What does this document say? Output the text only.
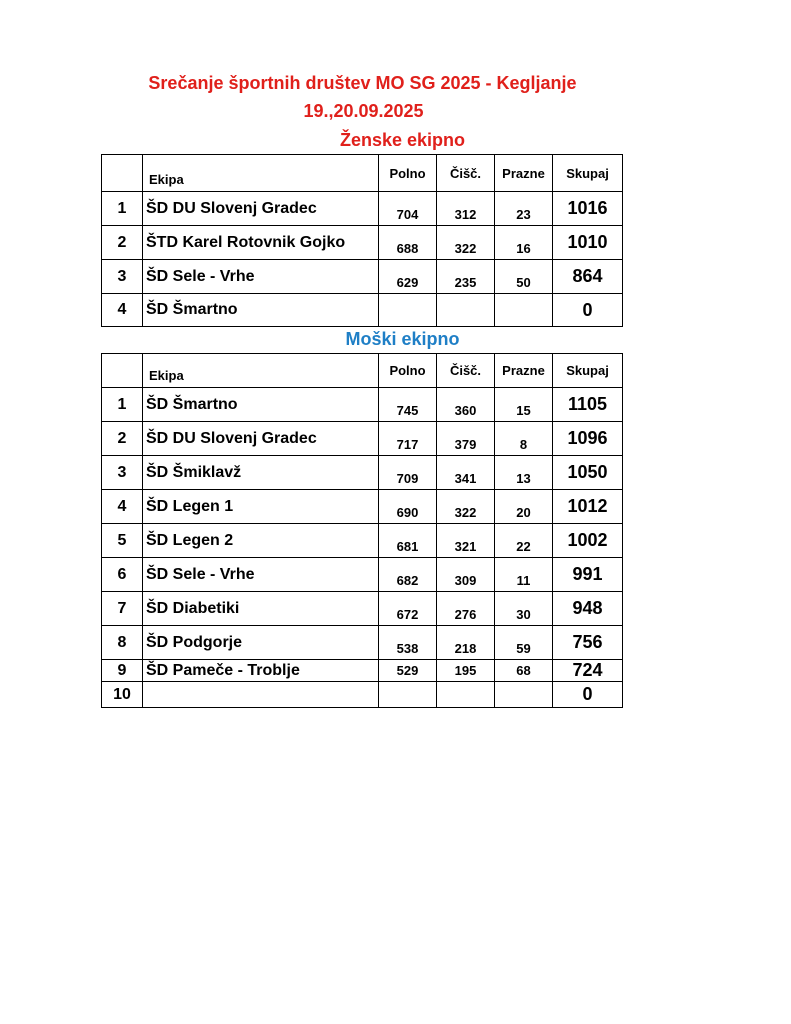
Srečanje športnih društev MO SG 2025 - Kegljanje
19.,20.09.2025
Ženske ekipno
	Ekipa	Polno	Čišč.	Prazne	Skupaj
1	ŠD DU Slovenj Gradec	704	312	23	1016
2	ŠTD Karel Rotovnik Gojko	688	322	16	1010
3	ŠD Sele - Vrhe	629	235	50	864
4	ŠD Šmartno				0
Moški ekipno
	Ekipa	Polno	Čišč.	Prazne	Skupaj
1	ŠD Šmartno	745	360	15	1105
2	ŠD DU Slovenj Gradec	717	379	8	1096
3	ŠD Šmiklavž	709	341	13	1050
4	ŠD Legen 1	690	322	20	1012
5	ŠD Legen 2	681	321	22	1002
6	ŠD Sele - Vrhe	682	309	11	991
7	ŠD Diabetiki	672	276	30	948
8	ŠD Podgorje	538	218	59	756
9	ŠD Pameče - Troblje	529	195	68	724
10					0
